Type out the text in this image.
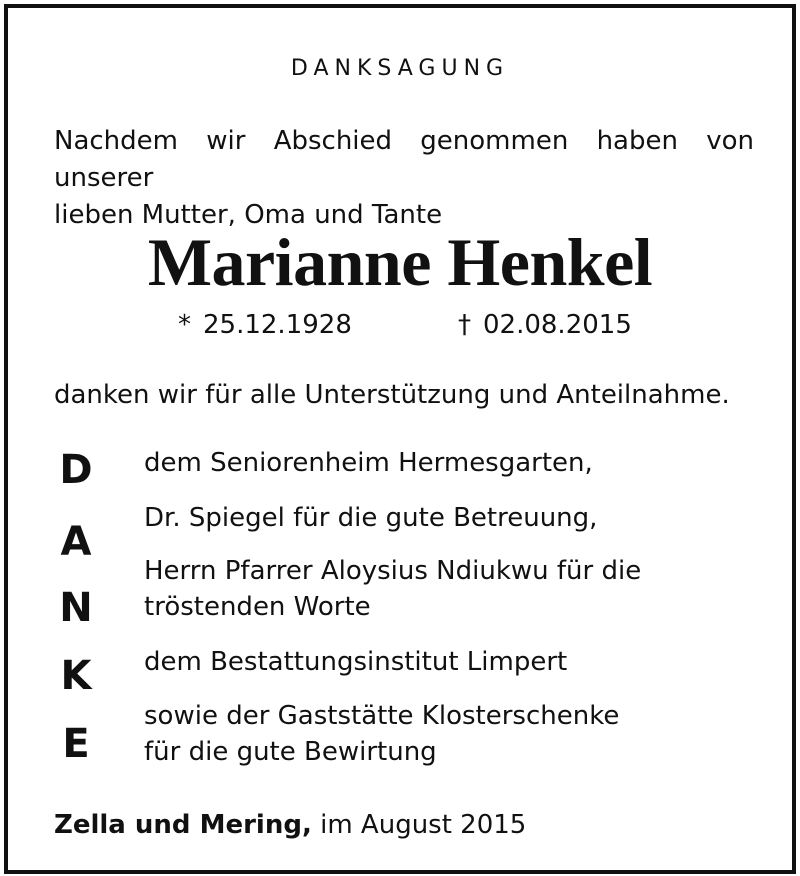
DANKSAGUNG
Nachdem wir Abschied genommen haben von unserer
lieben Mutter, Oma und Tante
Marianne Henkel
* 25.12.1928	† 02.08.2015
danken wir für alle Unterstützung und Anteilnahme.
D
A
N
K
E
dem Seniorenheim Hermesgarten,
Dr. Spiegel für die gute Betreuung,
Herrn Pfarrer Aloysius Ndiukwu für die
tröstenden Worte
dem Bestattungsinstitut Limpert
sowie der Gaststätte Klosterschenke
für die gute Bewirtung
Zella und Mering, im August 2015
